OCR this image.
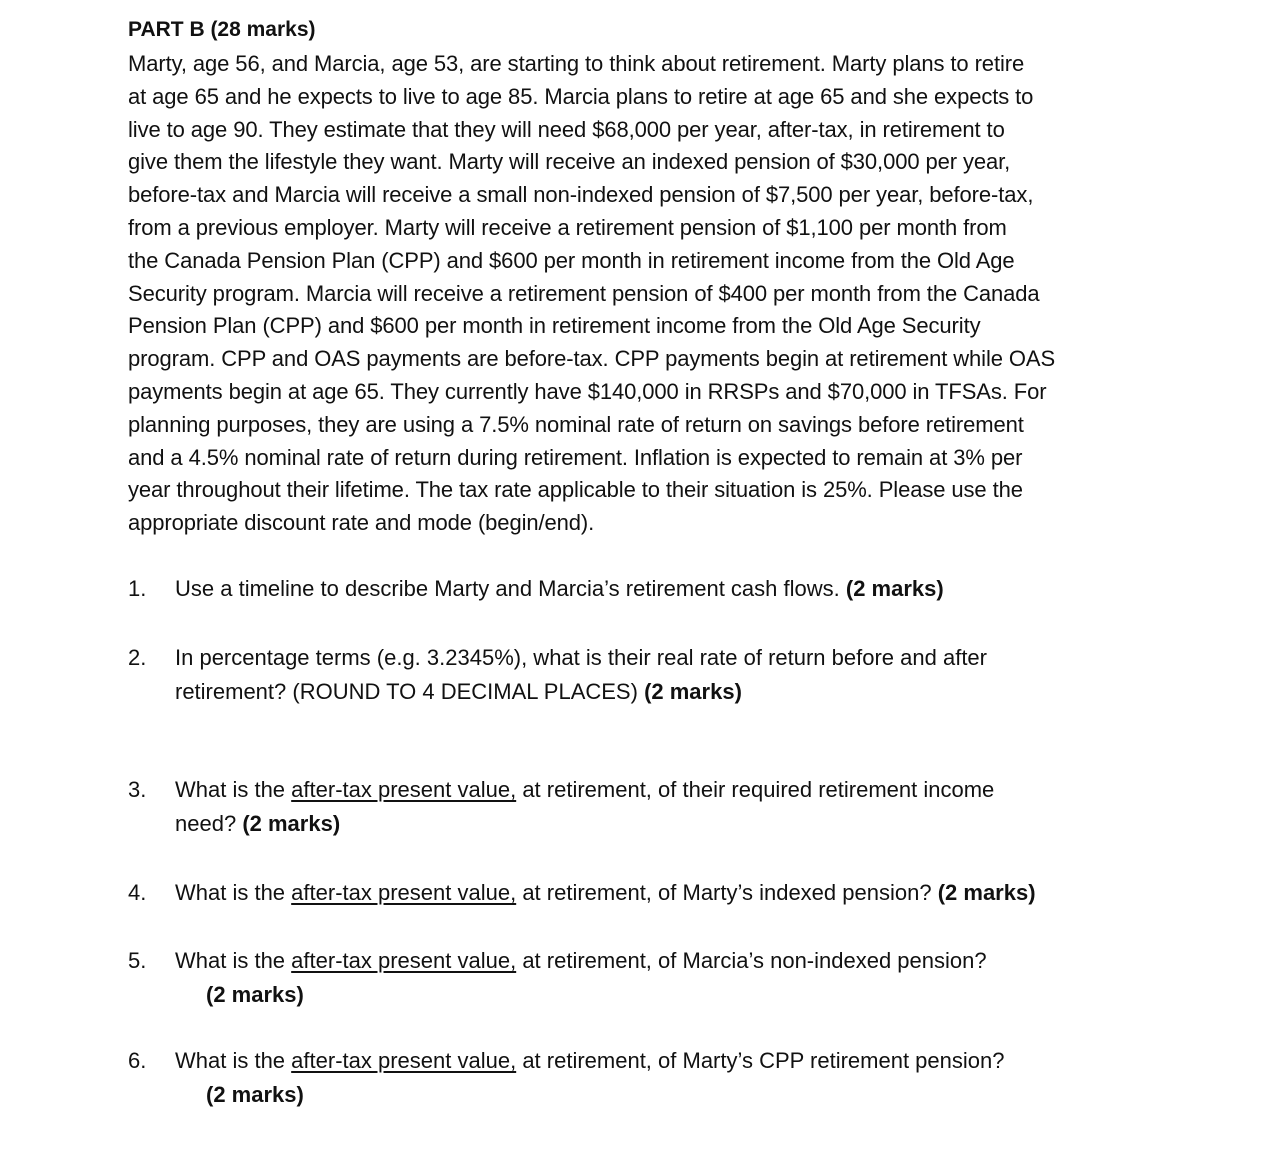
PART B (28 marks)

Marty, age 56, and Marcia, age 53, are starting to think about retirement. Marty plans to retire
at age 65 and he expects to live to age 85. Marcia plans to retire at age 65 and she expects to
live to age 90. They estimate that they will need $68,000 per year, after-tax, in retirement to
give them the lifestyle they want. Marty will receive an indexed pension of $30,000 per year,
before-tax and Marcia will receive a small non-indexed pension of $7,500 per year, before-tax,
from a previous employer. Marty will receive a retirement pension of $1,100 per month from
the Canada Pension Plan (CPP) and $600 per month in retirement income from the Old Age
Security program. Marcia will receive a retirement pension of $400 per month from the Canada
Pension Plan (CPP) and $600 per month in retirement income from the Old Age Security
program. CPP and OAS payments are before-tax. CPP payments begin at retirement while OAS
payments begin at age 65. They currently have $140,000 in RRSPs and $70,000 in TFSAs. For
planning purposes, they are using a 7.5% nominal rate of return on savings before retirement
and a 4.5% nominal rate of return during retirement. Inflation is expected to remain at 3% per
year throughout their lifetime. The tax rate applicable to their situation is 25%. Please use the
appropriate discount rate and mode (begin/end).

1.	Use a timeline to describe Marty and Marcia’s retirement cash flows. (2 marks)
2.	In percentage terms (e.g. 3.2345%), what is their real rate of return before and after
retirement? (ROUND TO 4 DECIMAL PLACES) (2 marks)
3.	What is the after-tax present value, at retirement, of their required retirement income
need? (2 marks)
4.	What is the after-tax present value, at retirement, of Marty’s indexed pension? (2 marks)
5.	What is the after-tax present value, at retirement, of Marcia’s non-indexed pension?
(2 marks)
6.	What is the after-tax present value, at retirement, of Marty’s CPP retirement pension?
(2 marks)
